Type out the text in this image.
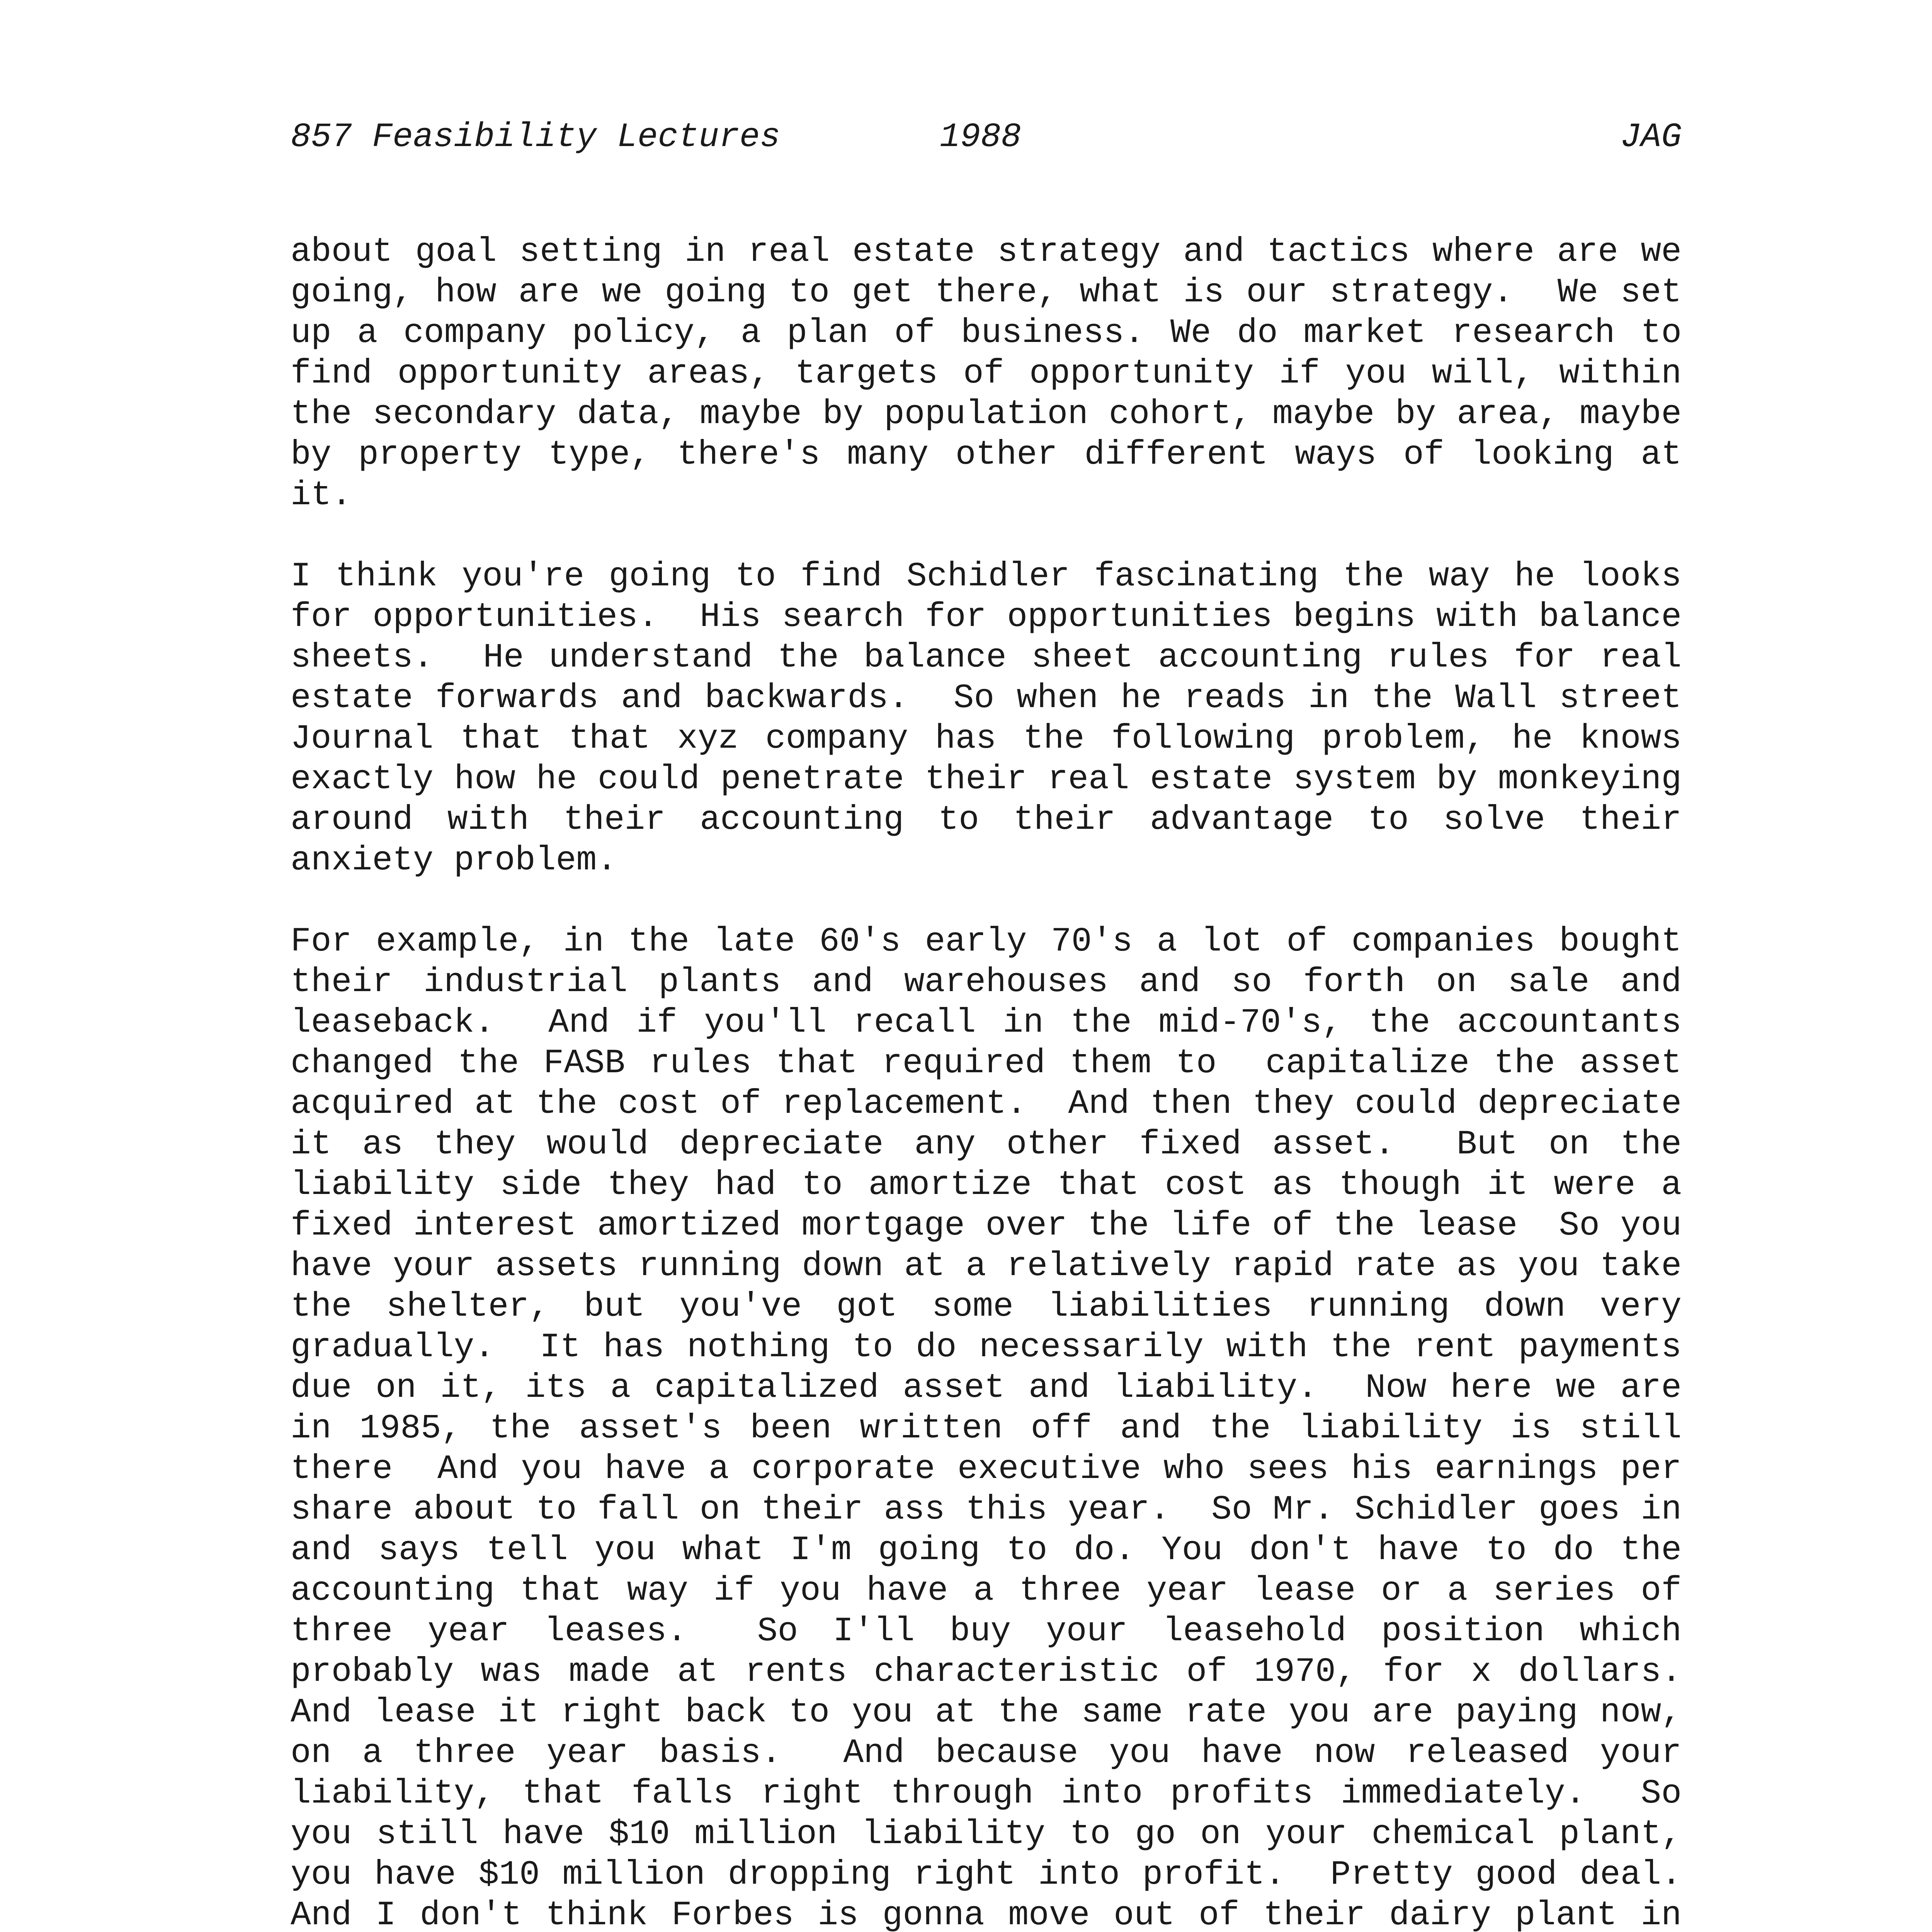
857 Feasibility Lectures

	1988

	JAG

about goal setting in real estate strategy and tactics where are we going, how are we going to get there, what is our strategy.  We set up a company policy, a plan of business. We do market research to find opportunity areas, targets of opportunity if you will, within the secondary data, maybe by population cohort, maybe by area, maybe by property type, there's many other different ways of looking at it.

I think you're going to find Schidler fascinating the way he looks for opportunities.  His search for opportunities begins with balance sheets.  He understand the balance sheet accounting rules for real estate forwards and backwards.  So when he reads in the Wall street Journal that that xyz company has the following problem, he knows exactly how he could penetrate their real estate system by monkeying around with their accounting to their advantage to solve their anxiety problem.

For example, in the late 60's early 70's a lot of companies bought their industrial plants and warehouses and so forth on sale and leaseback.  And if you'll recall in the mid-70's, the accountants changed the FASB rules that required them to  capitalize the asset acquired at the cost of replacement.  And then they could depreciate it as they would depreciate any other fixed asset.  But on the liability side they had to amortize that cost as though it were a fixed interest amortized mortgage over the life of the lease  So you have your assets running down at a relatively rapid rate as you take the shelter, but you've got some liabilities running down very gradually.  It has nothing to do necessarily with the rent payments due on it, its a capitalized asset and liability.  Now here we are in 1985, the asset's been written off and the liability is still there  And you have a corporate executive who sees his earnings per share about to fall on their ass this year.  So Mr. Schidler goes in and says tell you what I'm going to do. You don't have to do the accounting that way if you have a three year lease or a series of three year leases.  So I'll buy your leasehold position which probably was made at rents characteristic of 1970, for x dollars. And lease it right back to you at the same rate you are paying now, on a three year basis.  And because you have now released your liability, that falls right through into profits immediately.  So you still have $10 million liability to go on your chemical plant, you have $10 million dropping right into profit.  Pretty good deal.  And I don't think Forbes is gonna move out of their dairy plant in
